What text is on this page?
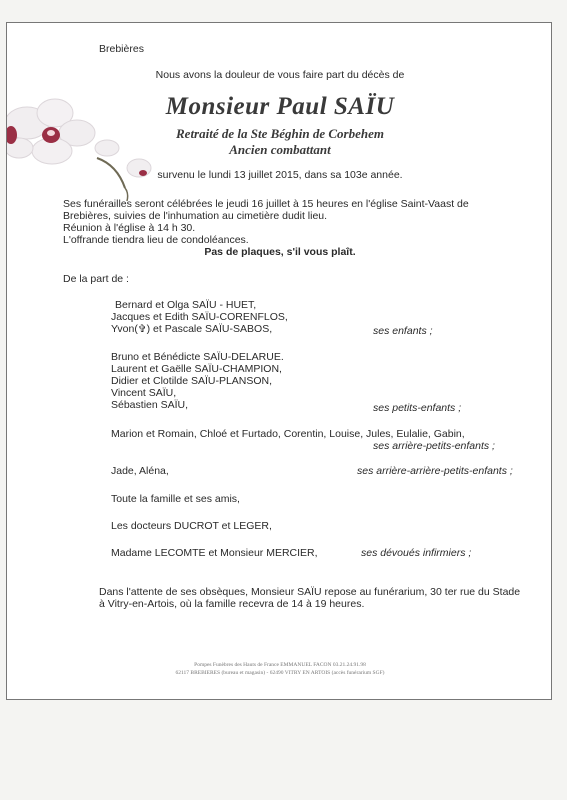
Brebières
Nous avons la douleur de vous faire part du décès de
Monsieur Paul SAÏU
Retraité de la Ste Béghin de Corbehem
Ancien combattant
survenu le lundi 13 juillet 2015, dans sa 103e année.
Ses funérailles seront célébrées le jeudi 16 juillet à 15 heures en l'église Saint-Vaast de
Brebières, suivies de l'inhumation au cimetière dudit lieu.
Réunion à l'église à 14 h 30.
L'offrande tiendra lieu de condoléances.
Pas de plaques, s'il vous plaît.
De la part de :
Bernard et Olga SAÏU - HUET,
Jacques et Edith SAÏU-CORENFLOS,
Yvon(✞) et Pascale SAÏU-SABOS,	ses enfants ;
Bruno et Bénédicte SAÏU-DELARUE.
Laurent et Gaëlle SAÏU-CHAMPION,
Didier et Clotilde SAÏU-PLANSON,
Vincent SAÏU,
Sébastien SAÏU,	ses petits-enfants ;
Marion et Romain, Chloé et Furtado, Corentin, Louise, Jules, Eulalie, Gabin,
ses arrière-petits-enfants ;
Jade, Aléna,	ses arrière-arrière-petits-enfants ;
Toute la famille et ses amis,
Les docteurs DUCROT et LEGER,
Madame LECOMTE et Monsieur MERCIER,	ses dévoués infirmiers ;
Dans l'attente de ses obsèques, Monsieur SAÏU repose au funérarium, 30 ter rue du Stade
à Vitry-en-Artois, où la famille recevra de 14 à 19 heures.
Pompes Funèbres des Hauts de France EMMANUEL FACON 03.21.24.91.98
62117 BREBIERES (bureau et magasin) - 62490 VITRY EN ARTOIS (accès funérarium SGF)
